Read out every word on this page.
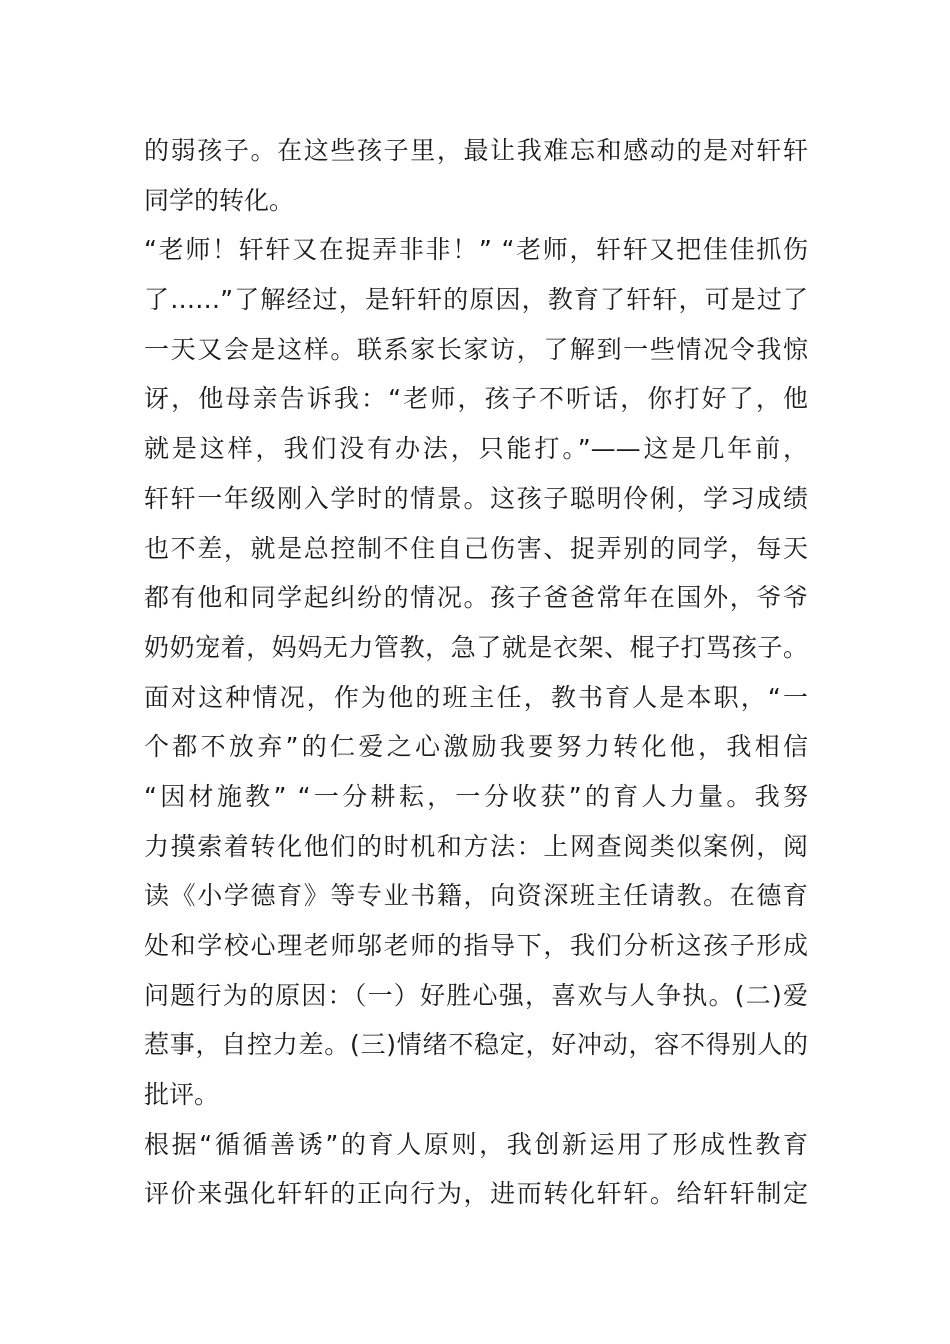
的弱孩子。在这些孩子里，最让我难忘和感动的是对轩轩
同学的转化。
“老师！轩轩又在捉弄非非！” “老师，轩轩又把佳佳抓伤
了……”了解经过，是轩轩的原因，教育了轩轩，可是过了
一天又会是这样。联系家长家访，了解到一些情况令我惊
讶，他母亲告诉我：“老师，孩子不听话，你打好了，他
就是这样，我们没有办法，只能打。”——这是几年前，
轩轩一年级刚入学时的情景。这孩子聪明伶俐，学习成绩
也不差，就是总控制不住自己伤害、捉弄别的同学，每天
都有他和同学起纠纷的情况。孩子爸爸常年在国外，爷爷
奶奶宠着，妈妈无力管教，急了就是衣架、棍子打骂孩子。
面对这种情况，作为他的班主任，教书育人是本职，“一
个都不放弃”的仁爱之心激励我要努力转化他，我相信
“因材施教” “一分耕耘，一分收获”的育人力量。我努
力摸索着转化他们的时机和方法：上网查阅类似案例，阅
读《小学德育》等专业书籍，向资深班主任请教。在德育
处和学校心理老师邬老师的指导下，我们分析这孩子形成
问题行为的原因：（一）好胜心强，喜欢与人争执。(二)爱
惹事，自控力差。(三)情绪不稳定，好冲动，容不得别人的
批评。
根据“循循善诱”的育人原则，我创新运用了形成性教育
评价来强化轩轩的正向行为，进而转化轩轩。给轩轩制定
